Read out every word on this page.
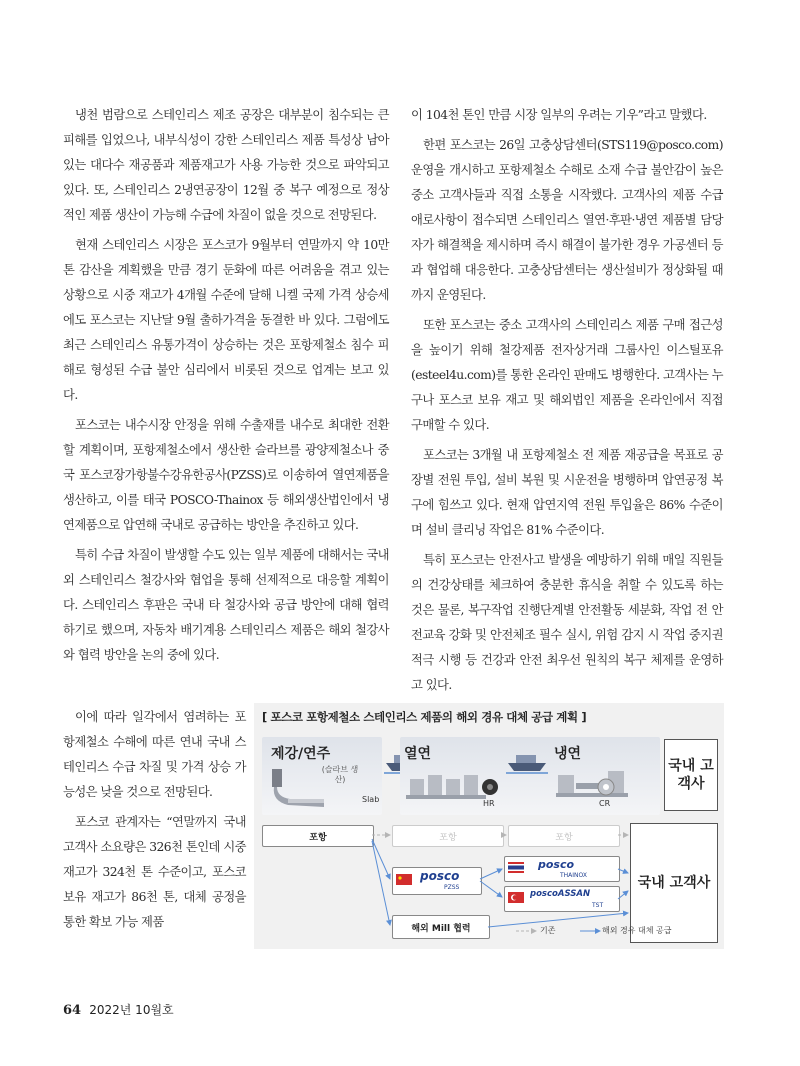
냉천 범람으로 스테인리스 제조 공장은 대부분이 침수되는 큰 피해를 입었으나, 내부식성이 강한 스테인리스 제품 특성상 남아있는 대다수 재공품과 제품재고가 사용 가능한 것으로 파악되고 있다. 또, 스테인리스 2냉연공장이 12월 중 복구 예정으로 정상적인 제품 생산이 가능해 수급에 차질이 없을 것으로 전망된다.

현재 스테인리스 시장은 포스코가 9월부터 연말까지 약 10만 톤 감산을 계획했을 만큼 경기 둔화에 따른 어려움을 겪고 있는 상황으로 시중 재고가 4개월 수준에 달해 니켈 국제 가격 상승세에도 포스코는 지난달 9월 출하가격을 동결한 바 있다. 그럼에도 최근 스테인리스 유통가격이 상승하는 것은 포항제철소 침수 피해로 형성된 수급 불안 심리에서 비롯된 것으로 업계는 보고 있다.

포스코는 내수시장 안정을 위해 수출재를 내수로 최대한 전환할 계획이며, 포항제철소에서 생산한 슬라브를 광양제철소나 중국 포스코장가항불수강유한공사(PZSS)로 이송하여 열연제품을 생산하고, 이를 태국 POSCO-Thainox 등 해외생산법인에서 냉연제품으로 압연해 국내로 공급하는 방안을 추진하고 있다.

특히 수급 차질이 발생할 수도 있는 일부 제품에 대해서는 국내외 스테인리스 철강사와 협업을 통해 선제적으로 대응할 계획이다. 스테인리스 후판은 국내 타 철강사와 공급 방안에 대해 협력하기로 했으며, 자동차 배기계용 스테인리스 제품은 해외 철강사와 협력 방안을 논의 중에 있다.

이에 따라 일각에서 염려하는 포항제철소 수해에 따른 연내 국내 스테인리스 수급 차질 및 가격 상승 가능성은 낮을 것으로 전망된다.

포스코 관계자는 “연말까지 국내 고객사 소요량은 326천 톤인데 시중 재고가 324천 톤 수준이고, 포스코 보유 재고가 86천 톤, 대체 공정을 통한 확보 가능 제품

이 104천 톤인 만큼 시장 일부의 우려는 기우”라고 말했다.

한편 포스코는 26일 고충상담센터(STS119@posco.com) 운영을 개시하고 포항제철소 수해로 소재 수급 불안감이 높은 중소 고객사들과 직접 소통을 시작했다. 고객사의 제품 수급 애로사항이 접수되면 스테인리스 열연·후판·냉연 제품별 담당자가 해결책을 제시하며 즉시 해결이 불가한 경우 가공센터 등과 협업해 대응한다. 고충상담센터는 생산설비가 정상화될 때까지 운영된다.

또한 포스코는 중소 고객사의 스테인리스 제품 구매 접근성을 높이기 위해 철강제품 전자상거래 그룹사인 이스틸포유(esteel4u.com)를 통한 온라인 판매도 병행한다. 고객사는 누구나 포스코 보유 재고 및 해외법인 제품을 온라인에서 직접 구매할 수 있다.

포스코는 3개월 내 포항제철소 전 제품 재공급을 목표로 공장별 전원 투입, 설비 복원 및 시운전을 병행하며 압연공정 복구에 힘쓰고 있다. 현재 압연지역 전원 투입율은 86% 수준이며 설비 클리닝 작업은 81% 수준이다.

특히 포스코는 안전사고 발생을 예방하기 위해 매일 직원들의 건강상태를 체크하여 충분한 휴식을 취할 수 있도록 하는 것은 물론, 복구작업 진행단계별 안전활동 세분화, 작업 전 안전교육 강화 및 안전체조 필수 실시, 위험 감지 시 작업 중지권 적극 시행 등 건강과 안전 최우선 원칙의 복구 체제를 운영하고 있다.

[ 포스코 포항제철소 스테인리스 제품의 해외 경유 대체 공급 계획 ]
제강/연주
(슬라브 생산)
Slab
열연
HR
냉연
CR
국내 고객사
포항	포항	포항
posco
PZSS
posco
THAINOX
poscoASSAN
TST
해외 Mill 협력
국내 고객사
기존	해외 경유 대체 공급
64 2022년 10월호
